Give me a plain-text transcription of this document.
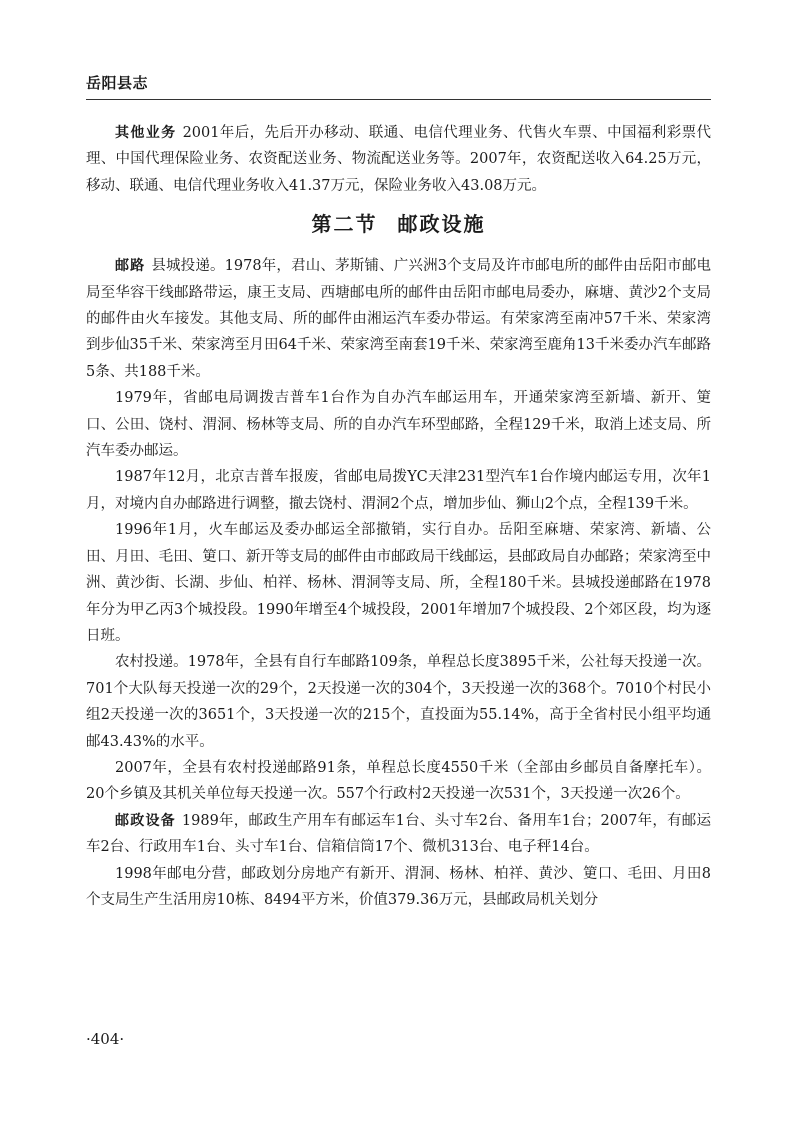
岳阳县志

其他业务 2001年后，先后开办移动、联通、电信代理业务、代售火车票、中国福利彩票代理、中国代理保险业务、农资配送业务、物流配送业务等。2007年，农资配送收入64.25万元，移动、联通、电信代理业务收入41.37万元，保险业务收入43.08万元。

第二节 邮政设施

邮路 县城投递。1978年，君山、茅斯铺、广兴洲3个支局及许市邮电所的邮件由岳阳市邮电局至华容干线邮路带运，康王支局、西塘邮电所的邮件由岳阳市邮电局委办，麻塘、黄沙2个支局的邮件由火车接发。其他支局、所的邮件由湘运汽车委办带运。有荣家湾至南冲57千米、荣家湾到步仙35千米、荣家湾至月田64千米、荣家湾至南套19千米、荣家湾至鹿角13千米委办汽车邮路5条、共188千米。

1979年，省邮电局调拨吉普车1台作为自办汽车邮运用车，开通荣家湾至新墙、新开、筻口、公田、饶村、渭洞、杨林等支局、所的自办汽车环型邮路，全程129千米，取消上述支局、所汽车委办邮运。

1987年12月，北京吉普车报废，省邮电局拨YC天津231型汽车1台作境内邮运专用，次年1月，对境内自办邮路进行调整，撤去饶村、渭洞2个点，增加步仙、狮山2个点，全程139千米。

1996年1月，火车邮运及委办邮运全部撤销，实行自办。岳阳至麻塘、荣家湾、新墙、公田、月田、毛田、筻口、新开等支局的邮件由市邮政局干线邮运，县邮政局自办邮路；荣家湾至中洲、黄沙街、长湖、步仙、柏祥、杨林、渭洞等支局、所，全程180千米。县城投递邮路在1978年分为甲乙丙3个城投段。1990年增至4个城投段，2001年增加7个城投段、2个郊区段，均为逐日班。

农村投递。1978年，全县有自行车邮路109条，单程总长度3895千米，公社每天投递一次。701个大队每天投递一次的29个，2天投递一次的304个，3天投递一次的368个。7010个村民小组2天投递一次的3651个，3天投递一次的215个，直投面为55.14%，高于全省村民小组平均通邮43.43%的水平。

2007年，全县有农村投递邮路91条，单程总长度4550千米（全部由乡邮员自备摩托车）。20个乡镇及其机关单位每天投递一次。557个行政村2天投递一次531个，3天投递一次26个。

邮政设备 1989年，邮政生产用车有邮运车1台、头寸车2台、备用车1台；2007年，有邮运车2台、行政用车1台、头寸车1台、信箱信筒17个、微机313台、电子秤14台。

1998年邮电分营，邮政划分房地产有新开、渭洞、杨林、柏祥、黄沙、筻口、毛田、月田8个支局生产生活用房10栋、8494平方米，价值379.36万元，县邮政局机关划分

·404·
